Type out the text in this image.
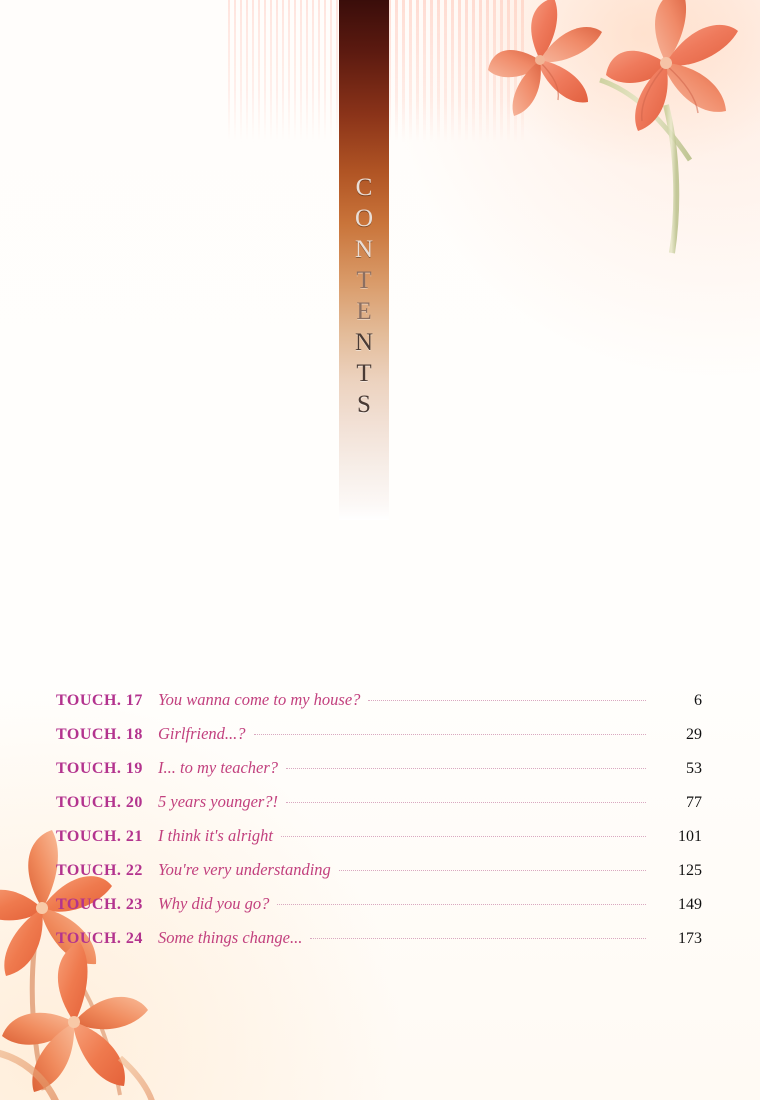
C
O
N
T
E
N
T
S
TOUCH. 17 You wanna come to my house?	6
TOUCH. 18 Girlfriend...?	29
TOUCH. 19 I... to my teacher?	53
TOUCH. 20 5 years younger?!	77
TOUCH. 21 I think it's alright	101
TOUCH. 22 You're very understanding	125
TOUCH. 23 Why did you go?	149
TOUCH. 24 Some things change...	173
